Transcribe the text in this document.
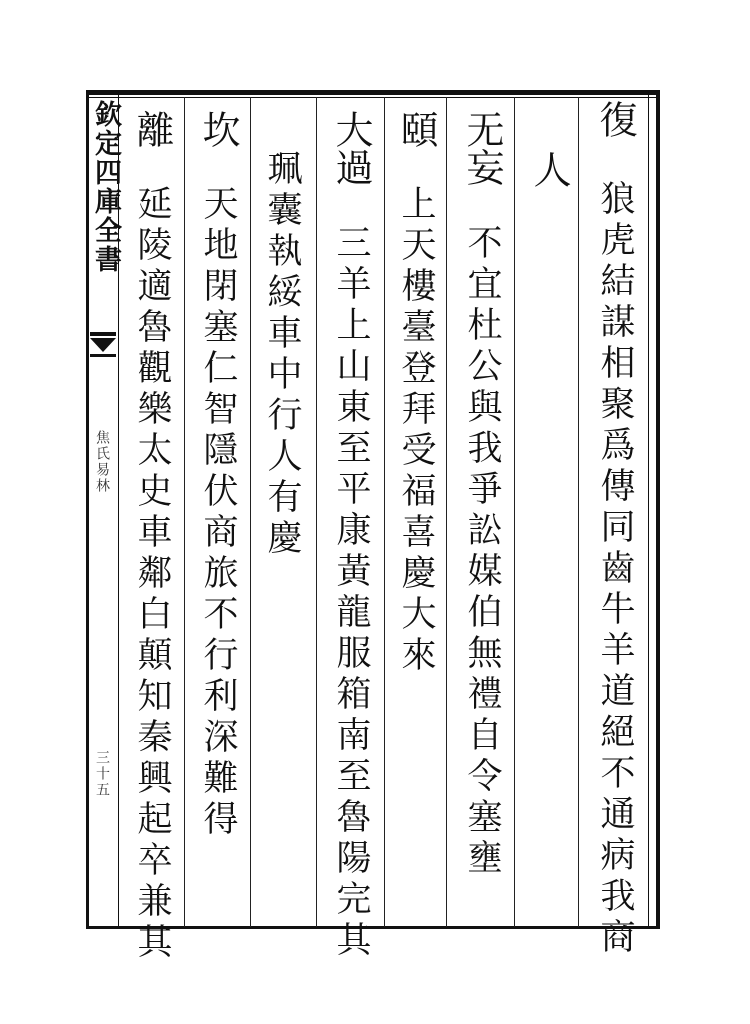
欽定四庫全書
焦氏易林
三十五
復
狼虎結謀相聚爲傳同齒牛羊道絕不通病我商
人
无妄
不宜杜公與我爭訟媒伯無禮自令塞壅
頤
上天樓臺登拜受福喜慶大來
大過
三羊上山東至平康黃龍服箱南至魯陽完其
珮囊執綏車中行人有慶
坎
天地閉塞仁智隱伏商旅不行利深難得
離
延陵適魯觀樂太史車鄰白顛知秦興起卒兼其
